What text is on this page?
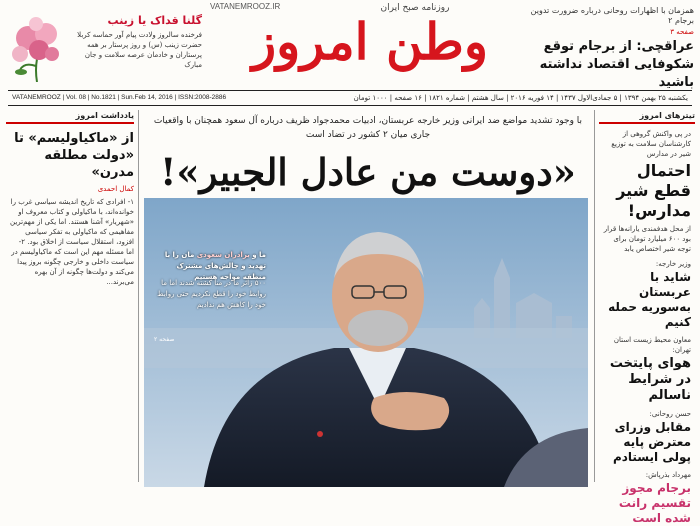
VATANEMROOZ.IR	روزنامه صبح ایران
وطن امروز
همزمان با اظهارات روحانی درباره ضرورت تدوین برجام ۲
صفحه ۳
عراقچی: از برجام توقع شکوفایی اقتصاد نداشته باشید
گلنا قداک یا زینب
فرخنده سالروز ولادت پیام آور حماسه کربلا حضرت زینب (س) و روز پرستار بر همه پرستاران و خادمان عرصه سلامت و جان مبارک
VATANEMROOZ | Vol. 08 | No.1821 | Sun.Feb 14, 2016 | ISSN:2008-2886	یکشنبه ۲۵ بهمن ۱۳۹۴ | ۵ جمادی‌الاول ۱۴۳۷ | ۱۴ فوریه ۲۰۱۶ | سال هشتم | شماره ۱۸۲۱ | ۱۶ صفحه | ۱۰۰۰ تومان
یادداشت امروز
از «ماکیاولیسم» تا «دولت مطلقه مدرن»
کمال احمدی
۱- افرادی که تاریخ اندیشه سیاسی غرب را خوانده‌اند، با ماکیاولی و کتاب معروف او «شهریار» آشنا هستند. اما یکی از مهم‌ترین مفاهیمی که ماکیاولی به تفکر سیاسی افزود، استقلال سیاست از اخلاق بود. ۲- اما مسئله مهم این است که ماکیاولیسم در سیاست داخلی و خارجی چگونه بروز پیدا می‌کند و دولت‌ها چگونه از آن بهره می‌برند...
با وجود تشدید مواضع ضد ایرانی وزیر خارجه عربستان، ادبیات محمدجواد ظریف درباره آل سعود همچنان با واقعیات جاری میان ۲ کشور در تضاد است
«دوست من عادل الجبیر»!
ما و برادران سعودی مان را با تهدید و چالش‌های مشترک منطقه مواجه هستیم
۵۰۰ زائر ما در منا کشته شدند اما ما روابط خود را قطع نکردیم حتی روابط خود را کاهش هم ندادیم
صفحه ۲
تیترهای امروز
در پی واکنش گروهی از کارشناسان سلامت به توزیع شیر در مدارس
احتمال قطع شیر مدارس!
از محل هدفمندی یارانه‌ها قرار بود ۶۰۰ میلیارد تومان برای توجه شیر اختصاص یابد
وزیر خارجه:
شاید با عربستان به‌سوریه حمله کنیم
معاون محیط زیست استان تهران:
هوای پایتخت در شرایط ناسالم
حسن روحانی:
مقابل وزرای معترض پایه پولی ایستادم
مهرداد بذرپاش:
برجام مجوز تقسیم رانت شده است
